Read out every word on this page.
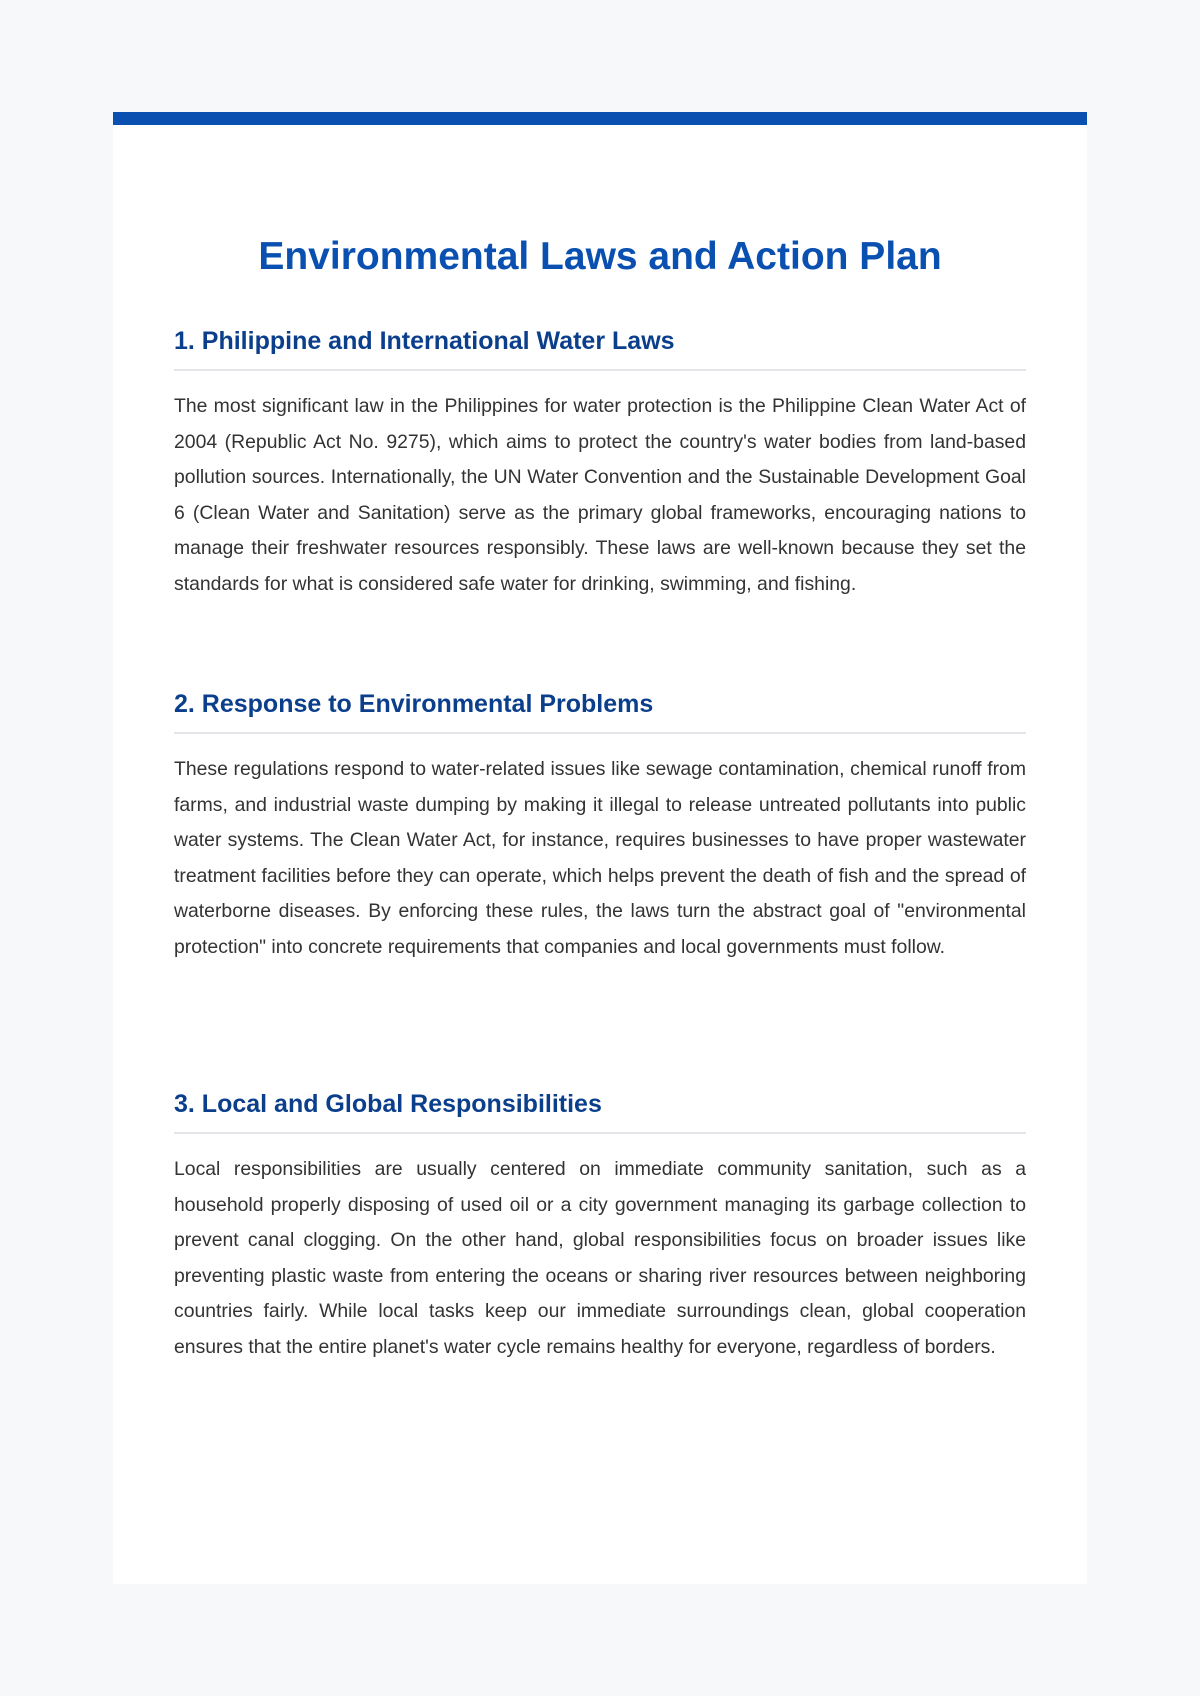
Environmental Laws and Action Plan
1. Philippine and International Water Laws

The most significant law in the Philippines for water protection is the Philippine Clean Water Act of 2004 (Republic Act No. 9275), which aims to protect the country's water bodies from land-based pollution sources. Internationally, the UN Water Convention and the Sustainable Development Goal 6 (Clean Water and Sanitation) serve as the primary global frameworks, encouraging nations to manage their freshwater resources responsibly. These laws are well-known because they set the standards for what is considered safe water for drinking, swimming, and fishing.

2. Response to Environmental Problems

These regulations respond to water-related issues like sewage contamination, chemical runoff from farms, and industrial waste dumping by making it illegal to release untreated pollutants into public water systems. The Clean Water Act, for instance, requires businesses to have proper wastewater treatment facilities before they can operate, which helps prevent the death of fish and the spread of waterborne diseases. By enforcing these rules, the laws turn the abstract goal of "environmental protection" into concrete requirements that companies and local governments must follow.

3. Local and Global Responsibilities

Local responsibilities are usually centered on immediate community sanitation, such as a household properly disposing of used oil or a city government managing its garbage collection to prevent canal clogging. On the other hand, global responsibilities focus on broader issues like preventing plastic waste from entering the oceans or sharing river resources between neighboring countries fairly. While local tasks keep our immediate surroundings clean, global cooperation ensures that the entire planet's water cycle remains healthy for everyone, regardless of borders.
